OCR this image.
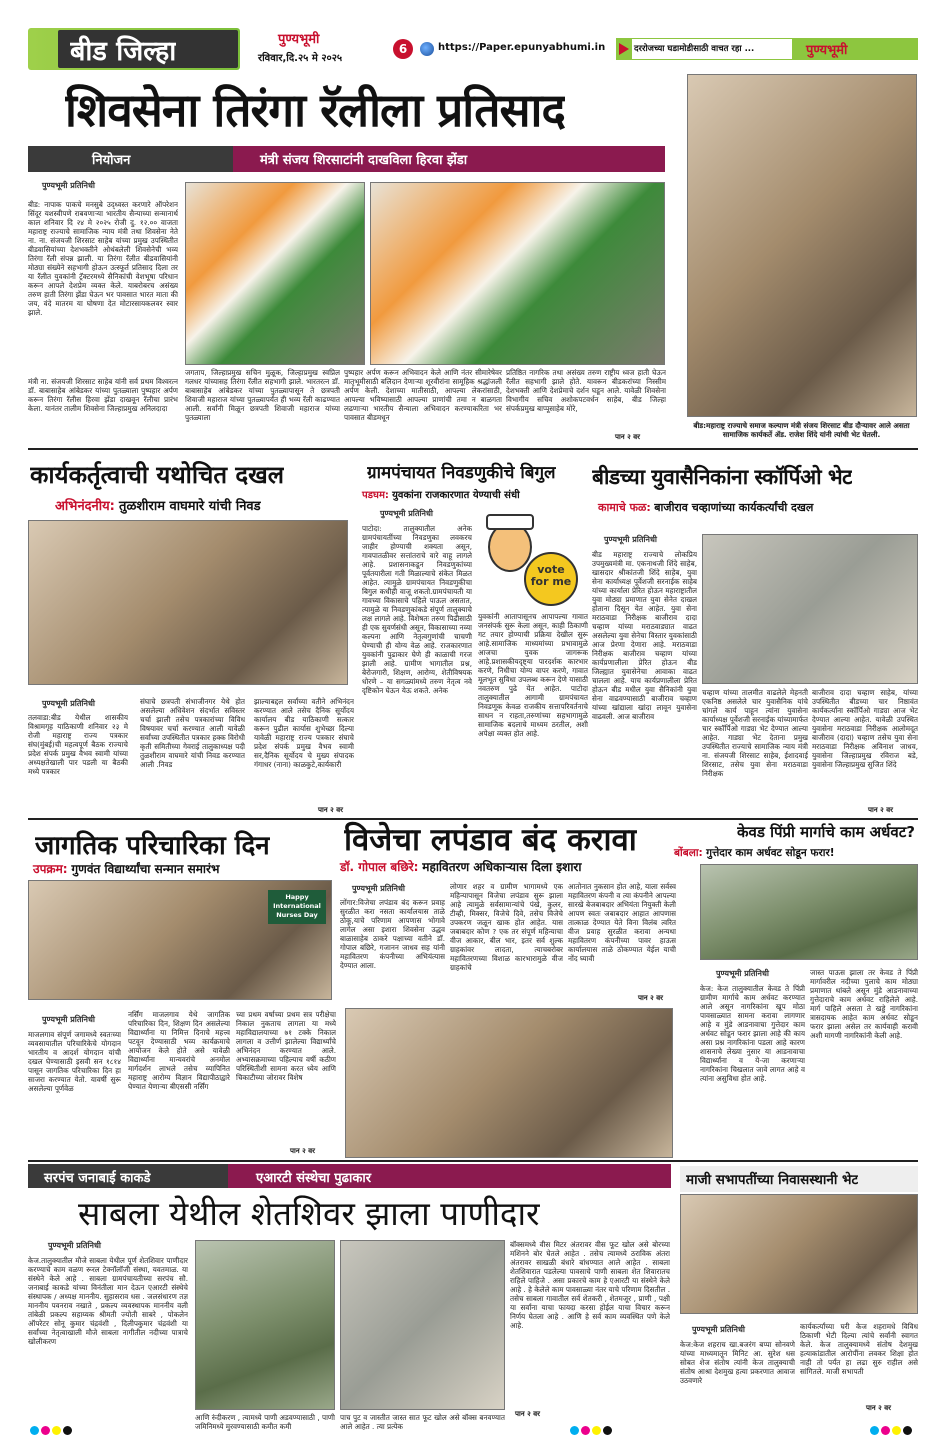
बीड जिल्हा	पुण्यभूमी
रविवार,दि.२५ मे २०२५
6	https://Paper.epunyabhumi.in	दररोजच्या घडामोडीसाठी वाचत रहा ...	पुण्यभूमी
शिवसेना तिरंगा रॅलीला प्रतिसाद
नियोजन	मंत्री संजय शिरसाटांनी दाखविला हिरवा झेंडा
पुण्यभूमी प्रतिनिधी
बीड: नापाक पाकचे मनसुबे उद्ध्वस्त करणारे ऑपरेशन सिंदूर यशस्वीपणे राबवणाऱ्या भारतीय सैन्याच्या सन्मानार्थ काल शनिवार दि २४ मे २०२५ रोजी दु. १२.०० वाजता महाराष्ट्र राज्याचे सामाजिक न्याय मंत्री तथा शिवसेना नेते ना. ना. संजयजी शिरसाट साहेब यांच्या प्रमुख उपस्थितीत बीडवासियांच्या देशभक्तीने ओथंबलेली शिवसेनेची भव्य तिरंगा रॅली संपन्न झाली. या तिरंगा रॅलीत बीडवासियांनी मोठ्या संख्येने सहभागी होऊन उत्स्फूर्त प्रतिसाद दिला तर या रॅलीत युवकांनी ट्रॅक्टरमध्ये सैनिकांची वेशभूषा परिधान करून आपले देशप्रेम व्यक्त केले. याबरोबरच असंख्य तरुण हाती तिरंगा झेंडा घेऊन भर पावसात भारत माता की जय, वंदे मातरम या घोषणा देत मोटारसायकलवर स्वार झाले.
मंत्री ना. संजयजी शिरसाट साहेब यांनी सर्व प्रथम विश्वरत्न डॉ. बाबासाहेब आंबेडकर यांच्या पुतळ्याला पुष्पहार अर्पण करून तिरंगा रॅलीस हिरवा झेंडा दाखवून रॅलीचा प्रारंभ केला. यानंतर तालीम शिवसेना जिल्हाप्रमुख अनिलदादा
जगताप, जिल्हाप्रमुख सचिन मुळूक, जिल्हाप्रमुख स्वप्निल गलधर यांच्यासह तिरंगा रॅलीत सहभागी झाले. भारतरत्न डॉ. बाबासाहेब आंबेडकर यांच्या पुतळ्यापासून ते छत्रपती शिवाजी महाराज यांच्या पुतळ्यापर्यंत ही भव्य रॅली काढण्यात आली. सर्वांनी मिळून छत्रपती शिवाजी महाराज यांच्या पुतळ्याला
पुष्पहार अर्पण करून अभिवादन केले आणि नंतर सीमारेषेवर मातृभूमीसाठी बलिदान देणाऱ्या शूरवीरांना सामूहिक श्रद्धांजली अर्पण केली. देशाच्या मातीसाठी, आपल्या लेकरांसाठी, आपल्या भविष्यासाठी आपल्या प्राणांची तमा न बाळगता लढणाऱ्या भारतीय सैन्याला अभिवादन करण्याकरिता भर पावसात बीडमधून
प्रतिष्ठित नागरिक तथा असंख्य तरुण राष्ट्रीय ध्वज हाती घेऊन रॅलीत सहभागी झाले होते. यावरून बीडकरांच्या निस्सीम देशभक्ती आणि देशप्रेमाचे दर्शन घडून आले. यावेळी शिवसेना विभागीय सचिव अशोकपटवर्धन साहेब, बीड जिल्हा संपर्कप्रमुख बाप्पूसाहेब मोरे,
पान २ वर
बीड:महाराष्ट्र राज्याचे समाज कल्याण मंत्री संजय शिरसाट बीड दौऱ्यावर आले असता सामाजिक कार्यकर्ते ॲड. राजेश शिंदे यांनी त्यांची भेट घेतली.
कार्यकर्तृत्वाची यथोचित दखल
अभिनंदनीय: तुळशीराम वाघमारे यांची निवड
पुण्यभूमी प्रतिनिधी
तलवाडा:बीड येथील शासकीय विश्रामगृह याठिकाणी शनिवार २३ मे रोजी महाराष्ट्र राज्य पत्रकार संघ(मुंबई)ची महत्वपूर्ण बैठक राज्याचे प्रदेश संपर्क प्रमुख वैभव स्वामी यांच्या अध्यक्षतेखाली पार पडली या बैठकी मध्ये पत्रकार
संघाचे छत्रपती संभाजीनगर येथे होत असलेल्या अधिवेशन संदर्भात सविस्तर चर्चा झाली तसेच पत्रकारांच्या विविध विषयावर चर्चा करण्यात आली यावेळी सर्वांच्या उपस्थितीत पत्रकार हक्क विरोधी कृती समितीच्या गेवराई तालुकाध्यक्ष पदी तुळशीराम वाघमारे यांची निवड करण्यात आली .निवड
झाल्याबद्दल सर्वांच्या वतीने अभिनंदन करण्यात आले तसेच दैनिक सूर्योदय कार्यालय बीड याठिकाणी सत्कार करून पुढील कार्यास शुभेच्छा दिल्या यावेळी महाराष्ट्र राज्य पत्रकार संघाचे प्रदेश संपर्क प्रमुख वैभव स्वामी सर,दैनिक सूर्योदय चे मुख्य संपादक गंगाधर (नाना) काळकुटे,कार्यकारी
पान २ वर
ग्रामपंचायत निवडणुकीचे बिगुल
पडघम: युवकांना राजकारणात येण्याची संधी
पुण्यभूमी प्रतिनिधी
पाटोदा: तालुक्यातील अनेक ग्रामपंचायतींच्या निवडणुका लवकरच जाहीर होण्याची शक्यता असून, गावपातळीवर सत्तांतराचे वारे वाहू लागले आहे. प्रशासनाकडून निवडणुकांच्या पूर्वतयारीला गती मिळाल्याचे संकेत मिळत आहेत. त्यामुळे ग्रामपंचायत निवडणुकीचा बिगुल कधीही वाजू शकतो.ग्रामपंचायती या गावच्या विकासाचे पहिले पाऊल असतात, त्यामुळे या निवडणुकांकडे संपूर्ण तालुक्याचे लक्ष लागले आहे. विशेषतः तरुण पिढीसाठी ही एक सुवर्णसंधी असून, विकासाच्या नव्या कल्पना आणि नेतृत्वगुणांची चाचणी घेण्याची ही योग्य वेळ आहे. राजकारणात युवकांनी पुढाकार घेणे ही काळाची गरज झाली आहे. ग्रामीण भागातील प्रश्न, बेरोजगारी, शिक्षण, आरोग्य, शेतीविषयक धोरणे – या सगळ्यांमध्ये तरुण नेतृत्व नवे दृष्टिकोन घेऊन येऊ शकते. अनेक
vote for me
युवकांनी आतापासूनच आपापल्या गावात जनसंपर्क सुरू केला असून, काही ठिकाणी गट तयार होण्याची प्रक्रिया देखील सुरू आहे.सामाजिक माध्यमांच्या प्रभावामुळे आजचा युवक जागरूक आहे.प्रशासकीयदृष्ट्या पारदर्शक कारभार करणे, निधीचा योग्य वापर करणे, गावात मूलभूत सुविधा उपलब्ध करून देणे यासाठी नवतरुण पुढे येत आहेत. पाटोदा तालुक्यातील आगामी ग्रामपंचायत निवडणूक केवळ राजकीय सत्तापरिवर्तनाचे साधन न राहता,तरुणांच्या सहभागामुळे सामाजिक बदलाचे माध्यम ठरतील, अशी अपेक्षा व्यक्त होत आहे.
बीडच्या युवासैनिकांना स्कॉर्पिओ भेट
कामाचे फळ: बाजीराव चव्हाणांच्या कार्यकर्त्यांची दखल
पुण्यभूमी प्रतिनिधी
बीड महाराष्ट्र राज्याचे लोकप्रिय उपमुख्यमंत्री मा. एकनाथजी शिंदे साहेब, खासदार श्रीकांतजी शिंदे साहेब, युवा सेना कार्याध्यक्ष पूर्वेशजी सरनाईक साहेब यांच्या कार्याला प्रेरित होऊन महाराष्ट्रातील युवा मोठ्या प्रमाणात युवा सेनेत दाखल होताना दिसून येत आहेत. युवा सेना मराठवाडा निरीक्षक बाजीराव दादा चव्हाण यांच्या मराठवाड्यात वाढत असलेल्या युवा सेनेचा विस्तार युवकांसाठी आज प्रेरणा देणारा आहे. मराठवाडा निरीक्षक बाजीराव चव्हाण यांच्या कार्यप्रणालीला प्रेरित होऊन बीड जिल्ह्यात युवासेनेचा आवाका वाढत चालला आहे. याच कार्यप्रणालीला प्रेरित होऊन बीड मधील युवा सैनिकांनी युवा सेना वाढवण्यासाठी बाजीराव चव्हाण यांच्या खांद्याला खांदा लावून युवासेना वाढवली. आज बाजीराव
चव्हाण यांच्या तालमीत वाढलेले मेहनती एकनिष्ठ असलेले चार युवासैनिक यांचे चांगले कार्य पाहून त्यांना युवासेना कार्याध्यक्ष पूर्वेशजी सरनाईक यांच्यामार्फत चार स्कॉर्पिओ गाड्या भेट देण्यात आल्या आहेत. गाड्या भेट देताना प्रमुख उपस्थितीत राज्याचे सामाजिक न्याय मंत्री ना. संजयजी शिरसाट साहेब, ईशादवाई शिरसाट, तसेच युवा सेना मराठवाडा निरीक्षक
बाजीराव दादा चव्हाण साहेब, यांच्या उपस्थितीत बीडच्या चार निष्ठावंत कार्यकर्त्यांना स्कॉर्पिओ गाड्या आज भेट देण्यात आल्या आहेत. यावेळी उपस्थित युवासेना मराठवाडा निरीक्षक आलोमदूत बाजीराव (दादा) चव्हाण तसेच युवा सेना मराठवाडा निरीक्षक अविनाश जाधव, युवासेना जिल्हाप्रमुख रविराज बडे, युवासेना जिल्हाप्रमुख सुजित शिंदे
पान २ वर
जागतिक परिचारिका दिन
उपक्रम: गुणवंत विद्यार्थ्यांचा सन्मान समारंभ
Happy International Nurses Day
पुण्यभूमी प्रतिनिधी
माजलगाव संपूर्ण जगामध्ये स्वतःच्या व्यवसायातील परिचारिकेचे योगदान भारतीय व आदर्श योगदान यांची दखल घेण्यासाठी इसवी सन १८१४ पासून जागतिक परिचारिका दिन हा साजरा करण्यात येतो. यावर्षी सुरू असलेल्या पूर्णवेळ
नर्सिंग माजलगाव येथे जागतिक परिचारिका दिन, शिक्षण दिन असलेल्या विद्यार्थ्यांना या निमित्त दिनाचे महत्त्व पटवून देण्यासाठी भव्य कार्यक्रमाचे आयोजन केले होते असे यावेळी विद्यार्थ्यांना मान्यवरांचे अनमोल मार्गदर्शन लाभले तसेच व्यापिनित महाराष्ट्र आरोग्य विज्ञान विद्यापीठाद्वारे घेण्यात येणाऱ्या बीएससी नर्सिंग
च्या प्रथम वर्षाच्या प्रथम सत्र परीक्षेचा निकाल नुकताच लागला या मध्ये महाविद्यालयाच्या ७१ टक्के निकाल लागला व उत्तीर्ण झालेल्या विद्यार्थ्यांचे अभिनंदन करण्यात आले. अभ्यासक्रमाच्या पहिल्याच वर्षी कठीण परिस्थितीशी सामना करत ध्येय आणि चिकाटीच्या जोरावर विशेष
पान २ वर
विजेचा लपंडाव बंद करावा
डॉ. गोपाल बछिरे: महावितरण अधिकाऱ्यास दिला इशारा
पुण्यभूमी प्रतिनिधी
लोंगार:विजेचा लपंडाव बंद करून प्रवाह सुरळीत करा नसता कार्यालयास ताळे ठोकू,याचे परिणाम आपणास भोगावे लागेल असा इशारा शिवसेना उद्धव बाळासाहेब ठाकरे पक्षाच्या वतीने डॉ. गोपाल बछिरे, गजानन जाधव सह यांनी महावितरण कंपनीच्या अभियंत्यास देण्यात आला.
लोणार शहर व ग्रामीण भागामध्ये एक महिन्यापासून विजेचा लपंडाव सुरू झाला आहे त्यामुळे सर्वसामान्यांचे पंखे, कुलर, टीव्ही, मिक्सर, विजेचे दिवे, तसेच विजेचे उपकरण जळून खाक होत आहेत. यास जबाबदार कोण ? एक तर संपूर्ण महिन्याचा वीज आकार, बील भार, इतर सर्व शुल्क ग्राहकांवर लादता, त्याचबरोबर महावितरणच्या विशाळ कारभारामुळे वीज ग्राहकांचे
आतोनात नुकसान होत आहे, याला सर्वस्व महावितरण कंपनी व त्या कंपनीने आपल्या सारखे बेजबाबदार अभियंता नियुक्ती केली आपण स्वतः जबाबदार आहात आपणास तात्काळ देण्यात येते विना विलंब त्वरित वीज प्रवाह सुरळीत करावा अन्यथा महावितरण कंपनीच्या पावर हाऊस कार्यालयास ताळे ठोकण्यात येईल याची नोंद घ्यावी
पान २ वर
केवड पिंप्री मार्गाचे काम अर्धवट?
बोंबला: गुत्तेदार काम अर्धवट सोडून फरार!
पुण्यभूमी प्रतिनिधी
केज: केज तालुक्यातील केवड ते पिंप्री ग्रामीण मार्गाचे काम अर्धवट करण्यात आले असून नागरिकांना खूप मोठा पावसाळ्यात सामना करावा लागणार आहे व मुंडे आडनावाचा गुत्तेदार काम अर्धवट सोडून फरार झाला आहे की काय असा प्रश्न नागरिकांना पडला आहे कारण शासनाचे लेख्या नुसार या आडनावाचा विद्यार्थ्यांना व ये-जा करणाऱ्या नागरिकांना चिखलात जावे लागत आहे व त्यांना असुविधा होत आहे.
जास्त पाऊस झाला तर केवड ते पिंप्री मार्गावरील नदीच्या पुलाचे काम मोठ्या प्रमाणात थांबले असून मुंडे आडनावाच्या गुत्तेदाराचे काम अर्धवट राहिलेले आहे. मार्ग पाहिले असता ते खड्डे नागरिकांना त्रासदायक आहेत काम अर्धवट सोडून फरार झाला असेल तर कार्यवाही करावी अशी मागणी नागरिकांनी केली आहे.
सरपंच जनाबाई काकडे	एआरटी संस्थेचा पुढाकार
साबला येथील शेतशिवर झाला पाणीदार
पुण्यभूमी प्रतिनिधी
केज.तालुक्यातील मौजे साबला येथील पूर्ण शेतशिवार पाणीदार करण्याचे काम वळण रूरल टेक्नॉलॉजी संस्था, यवतमाळ. या संस्थेने केले आहे . साबला ग्रामपंचायतीच्या सरपंच सौ. जनाबाई काकडे यांच्या विनंतीला मान देऊन एआरटी संस्थेचे संस्थापक / अध्यक्ष माननीय. सुहासराव धस . जलसंधारण तज्ञ माननीय पवनराव नखाते , प्रकल्प व्यवस्थापक माननीय वली तांबेळी प्रकल्प सहाय्यक श्रीमती ज्योती साबरे , पोकलेन ऑपरेटर सोनू कुमार चंद्रवंशी , दिलीपकुमार चंद्रवंशी या सर्वांच्या नेतृत्वाखाली मौजे साबला नागीतील नदीच्या पात्राचे खोलीकरण
आणि रुंदीकरण , त्यामध्ये पाणी अडवण्यासाठी , पाणी जमिनिमध्ये मुरवण्यासाठी कमीत कमी
पाच पुट व जास्तीत जास्त सात फूट खोल असे बॉक्स बनवण्यात आले आहेत . त्या प्रत्येक
बॉक्समध्ये वीस मिटर अंतरावर वीस फूट खोल असे बोरच्या मशिनने बोर घेतले आहेत . तसेच त्यामध्ये ठराविक अंतरा अंतरावर साखळी बंधारे बांधण्यात आले आहेत . साबला शेतशिवारात पडलेल्या पावसाचे पाणी साबला शेत शिवारातच राहिले पाहिजे . असा प्रकारचे काम हे एआरटी या संस्थेने केले आहे . हे केलेले काम पावसाळ्या नंतर याचे परिणाम दिसतील . तसेच साबला गावातील सर्व शेतकरी , शेतमजूर , प्राणी , पक्षी या सर्वांना याचा फायदा करसा होईल याचा विचार करून निर्णय घेतला आहे . आणि हे सर्व काम व्यवस्थित पणे केले आहे.
पान २ वर
माजी सभापतींच्या निवासस्थानी भेट
पुण्यभूमी प्रतिनिधी
केज:केज शहराच खा.बजरंग बप्पा सोनवणे यांच्या माध्यमातून मिनिट आ. सुरेश धस सोबत शेज संतोष त्यांनी केज तालुक्याची संतोष आश्रा देशमुख हत्या प्रकरणात आवाज उठवणारे
कार्यकर्त्यांच्या घरी केज शहरामधे विविध ठिकाणी भेटी दिल्या त्यांचे सर्वांनी स्वागत केले. केज तालुक्यामध्ये संतोष देशमुख हत्याकांडातील आरोपींना लवकर शिक्षा होत नाही तो पर्यंत हा लढा सुरु राहील असे सांगितले. माजी सभापती
पान २ वर
